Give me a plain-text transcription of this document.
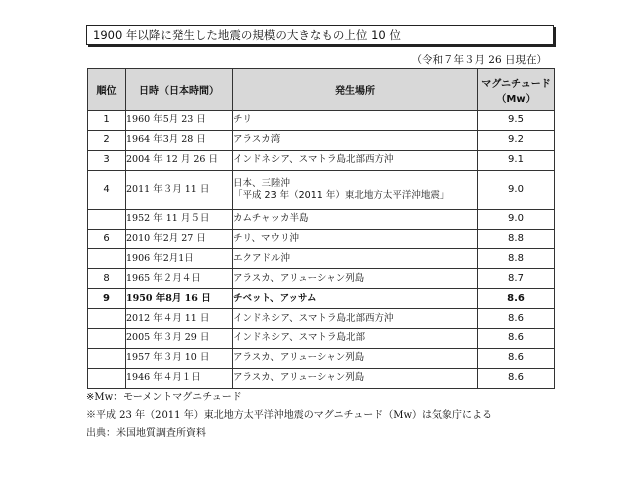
1900 年以降に発生した地震の規模の大きなもの上位 10 位
（令和７年３月 26 日現在）
順位	日時（日本時間）	発生場所	マグニチュード
（Mw）
1	1960 年5月 23 日	チリ	9.5
2	1964 年3月 28 日	アラスカ湾	9.2
3	2004 年 12 月 26 日	インドネシア、スマトラ島北部西方沖	9.1
4	2011 年３月 11 日	日本、三陸沖
「平成 23 年（2011 年）東北地方太平洋沖地震」	9.0
	1952 年 11 月５日	カムチャッカ半島	9.0
6	2010 年2月 27 日	チリ、マウリ沖	8.8
	1906 年2月1日	エクアドル沖	8.8
8	1965 年２月４日	アラスカ、アリューシャン列島	8.7
9	1950 年8月 16 日	チベット、アッサム	8.6
	2012 年４月 11 日	インドネシア、スマトラ島北部西方沖	8.6
	2005 年３月 29 日	インドネシア、スマトラ島北部	8.6
	1957 年３月 10 日	アラスカ、アリューシャン列島	8.6
	1946 年４月１日	アラスカ、アリューシャン列島	8.6
※Mw：モーメントマグニチュード
※平成 23 年（2011 年）東北地方太平洋沖地震のマグニチュード（Mw）は気象庁による
出典：米国地質調査所資料
